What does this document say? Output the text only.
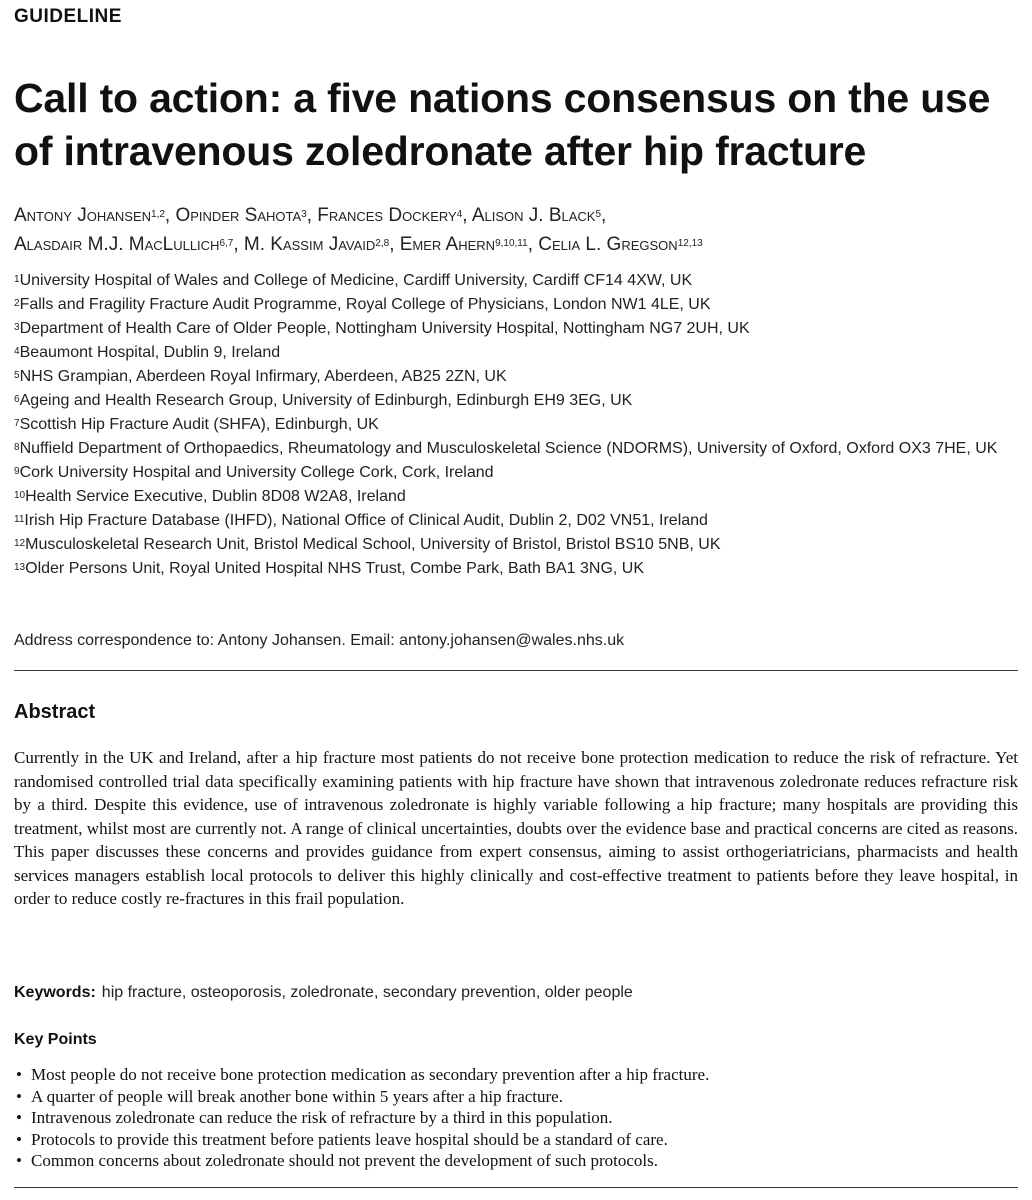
GUIDELINE
Call to action: a five nations consensus on the use of intravenous zoledronate after hip fracture
Antony Johansen$^{1,2}$, Opinder Sahota$^3$, Frances Dockery$^4$, Alison J. Black$^5$,
Alasdair M.J. MacLullich$^{6,7}$, M. Kassim Javaid$^{2,8}$, Emer Ahern$^{9,10,11}$, Celia L. Gregson$^{12,13}$

$^1$University Hospital of Wales and College of Medicine, Cardiff University, Cardiff CF14 4XW, UK

$^2$Falls and Fragility Fracture Audit Programme, Royal College of Physicians, London NW1 4LE, UK

$^3$Department of Health Care of Older People, Nottingham University Hospital, Nottingham NG7 2UH, UK

$^4$Beaumont Hospital, Dublin 9, Ireland

$^5$NHS Grampian, Aberdeen Royal Infirmary, Aberdeen, AB25 2ZN, UK

$^6$Ageing and Health Research Group, University of Edinburgh, Edinburgh EH9 3EG, UK

$^7$Scottish Hip Fracture Audit (SHFA), Edinburgh, UK

$^8$Nuffield Department of Orthopaedics, Rheumatology and Musculoskeletal Science (NDORMS), University of Oxford, Oxford OX3 7HE, UK

$^9$Cork University Hospital and University College Cork, Cork, Ireland

$^{10}$Health Service Executive, Dublin 8D08 W2A8, Ireland

$^{11}$Irish Hip Fracture Database (IHFD), National Office of Clinical Audit, Dublin 2, D02 VN51, Ireland

$^{12}$Musculoskeletal Research Unit, Bristol Medical School, University of Bristol, Bristol BS10 5NB, UK

$^{13}$Older Persons Unit, Royal United Hospital NHS Trust, Combe Park, Bath BA1 3NG, UK

Address correspondence to: Antony Johansen. Email: antony.johansen@wales.nhs.uk
Abstract

Currently in the UK and Ireland, after a hip fracture most patients do not receive bone protection medication to reduce the risk of refracture. Yet randomised controlled trial data specifically examining patients with hip fracture have shown that intravenous zoledronate reduces refracture risk by a third. Despite this evidence, use of intravenous zoledronate is highly variable following a hip fracture; many hospitals are providing this treatment, whilst most are currently not. A range of clinical uncertainties, doubts over the evidence base and practical concerns are cited as reasons. This paper discusses these concerns and provides guidance from expert consensus, aiming to assist orthogeriatricians, pharmacists and health services managers establish local protocols to deliver this highly clinically and cost-effective treatment to patients before they leave hospital, in order to reduce costly re-fractures in this frail population.

Keywords: hip fracture, osteoporosis, zoledronate, secondary prevention, older people
Key Points
• Most people do not receive bone protection medication as secondary prevention after a hip fracture.
• A quarter of people will break another bone within 5 years after a hip fracture.
• Intravenous zoledronate can reduce the risk of refracture by a third in this population.
• Protocols to provide this treatment before patients leave hospital should be a standard of care.
• Common concerns about zoledronate should not prevent the development of such protocols.
